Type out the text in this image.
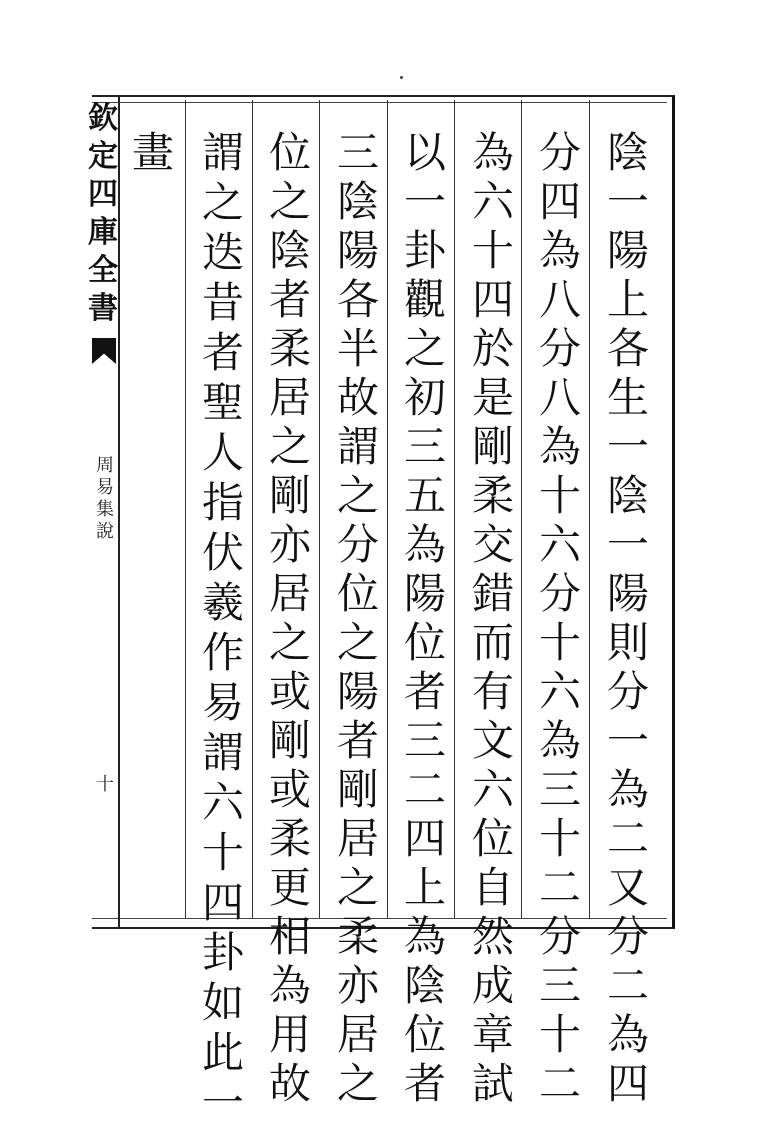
欽
定
四
庫
全
書
周
易
集
說
十
陰
一
陽
上
各
生
一
陰
一
陽
則
分
一
為
二
又
分
二
為
四
分
四
為
八
分
八
為
十
六
分
十
六
為
三
十
二
分
三
十
二
為
六
十
四
於
是
剛
柔
交
錯
而
有
文
六
位
自
然
成
章
試
以
一
卦
觀
之
初
三
五
為
陽
位
者
三
二
四
上
為
陰
位
者
三
陰
陽
各
半
故
謂
之
分
位
之
陽
者
剛
居
之
柔
亦
居
之
位
之
陰
者
柔
居
之
剛
亦
居
之
或
剛
或
柔
更
相
為
用
故
謂
之
迭
昔
者
聖
人
指
伏
羲
作
易
謂
六
十
四
卦
如
此
一
畫
